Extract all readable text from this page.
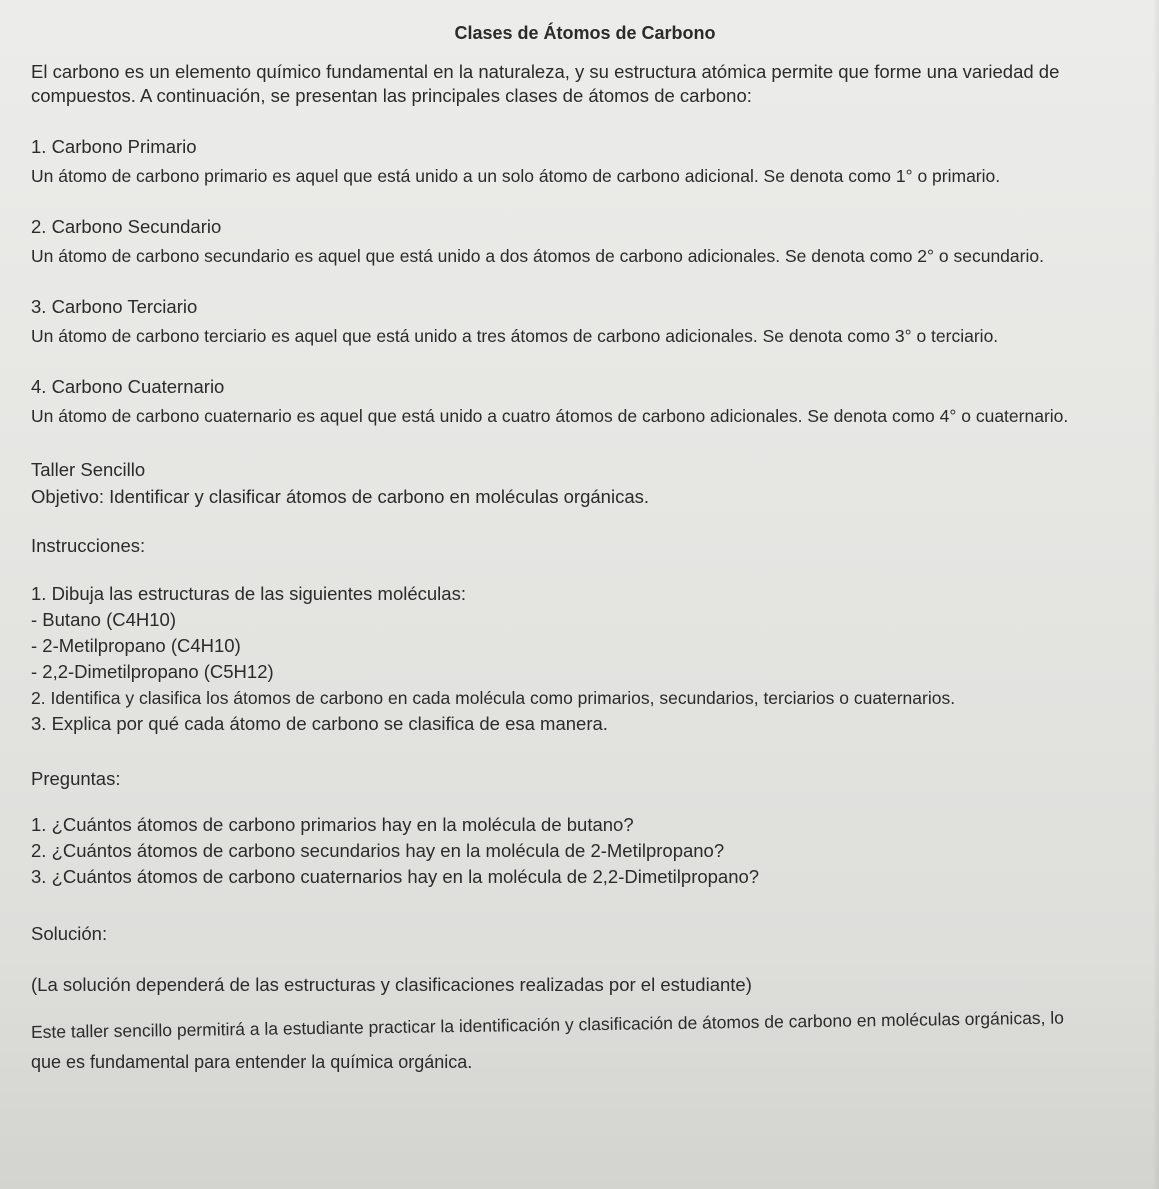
Clases de Átomos de Carbono

El carbono es un elemento químico fundamental en la naturaleza, y su estructura atómica permite que forme una variedad de compuestos. A continuación, se presentan las principales clases de átomos de carbono:

1. Carbono Primario

Un átomo de carbono primario es aquel que está unido a un solo átomo de carbono adicional. Se denota como 1° o primario.

2. Carbono Secundario

Un átomo de carbono secundario es aquel que está unido a dos átomos de carbono adicionales. Se denota como 2° o secundario.

3. Carbono Terciario

Un átomo de carbono terciario es aquel que está unido a tres átomos de carbono adicionales. Se denota como 3° o terciario.

4. Carbono Cuaternario

Un átomo de carbono cuaternario es aquel que está unido a cuatro átomos de carbono adicionales. Se denota como 4° o cuaternario.

Taller Sencillo

Objetivo: Identificar y clasificar átomos de carbono en moléculas orgánicas.

Instrucciones:

1. Dibuja las estructuras de las siguientes moléculas:

- Butano (C4H10)

- 2-Metilpropano (C4H10)

- 2,2-Dimetilpropano (C5H12)

2. Identifica y clasifica los átomos de carbono en cada molécula como primarios, secundarios, terciarios o cuaternarios.

3. Explica por qué cada átomo de carbono se clasifica de esa manera.

Preguntas:

1. ¿Cuántos átomos de carbono primarios hay en la molécula de butano?

2. ¿Cuántos átomos de carbono secundarios hay en la molécula de 2-Metilpropano?

3. ¿Cuántos átomos de carbono cuaternarios hay en la molécula de 2,2-Dimetilpropano?

Solución:

(La solución dependerá de las estructuras y clasificaciones realizadas por el estudiante)

Este taller sencillo permitirá a la estudiante practicar la identificación y clasificación de átomos de carbono en moléculas orgánicas, lo

que es fundamental para entender la química orgánica.
